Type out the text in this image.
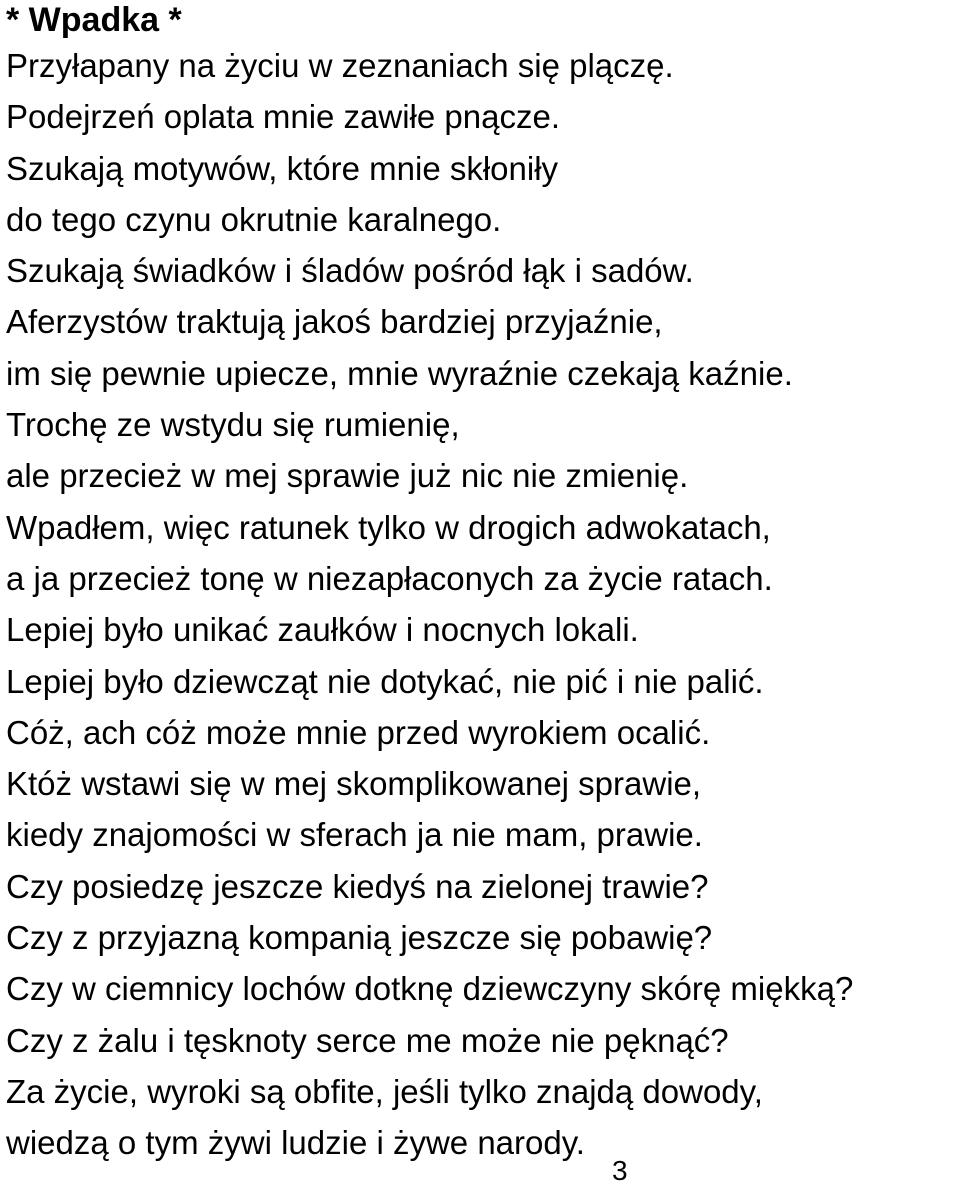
* Wpadka *
Przyłapany na życiu w zeznaniach się plączę.
Podejrzeń oplata mnie zawiłe pnącze.
Szukają motywów, które mnie skłoniły
do tego czynu okrutnie karalnego.
Szukają świadków i śladów pośród łąk i sadów.
Aferzystów traktują jakoś bardziej przyjaźnie,
im się pewnie upiecze, mnie wyraźnie czekają kaźnie.
Trochę ze wstydu się rumienię,
ale przecież w mej sprawie już nic nie zmienię.
Wpadłem, więc ratunek tylko w drogich adwokatach,
a ja przecież tonę w niezapłaconych za życie ratach.
Lepiej było unikać zaułków i nocnych lokali.
Lepiej było dziewcząt nie dotykać, nie pić i nie palić.
Cóż, ach cóż może mnie przed wyrokiem ocalić.
Któż wstawi się w mej skomplikowanej sprawie,
kiedy znajomości w sferach ja nie mam, prawie.
Czy posiedzę jeszcze kiedyś na zielonej trawie?
Czy z przyjazną kompanią jeszcze się pobawię?
Czy w ciemnicy lochów dotknę dziewczyny skórę miękką?
Czy z żalu i tęsknoty serce me może nie pęknąć?
Za życie, wyroki są obfite, jeśli tylko znajdą dowody,
wiedzą o tym żywi ludzie i żywe narody.
3
